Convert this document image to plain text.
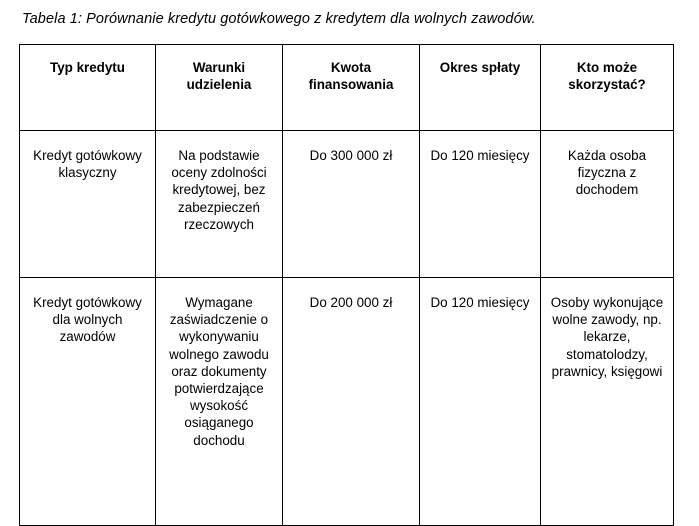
Tabela 1: Porównanie kredytu gotówkowego z kredytem dla wolnych zawodów.
Typ kredytu	Warunki udzielenia	Kwota finansowania	Okres spłaty	Kto może skorzystać?

Kredyt gotówkowy klasyczny	Na podstawie oceny zdolności kredytowej, bez zabezpieczeń rzeczowych	Do 300 000 zł	Do 120 miesięcy	Każda osoba fizyczna z dochodem

Kredyt gotówkowy dla wolnych zawodów	Wymagane zaświadczenie o wykonywaniu wolnego zawodu oraz dokumenty potwierdzające wysokość osiąganego dochodu	Do 200 000 zł	Do 120 miesięcy	Osoby wykonujące wolne zawody, np. lekarze, stomatolodzy, prawnicy, księgowi
